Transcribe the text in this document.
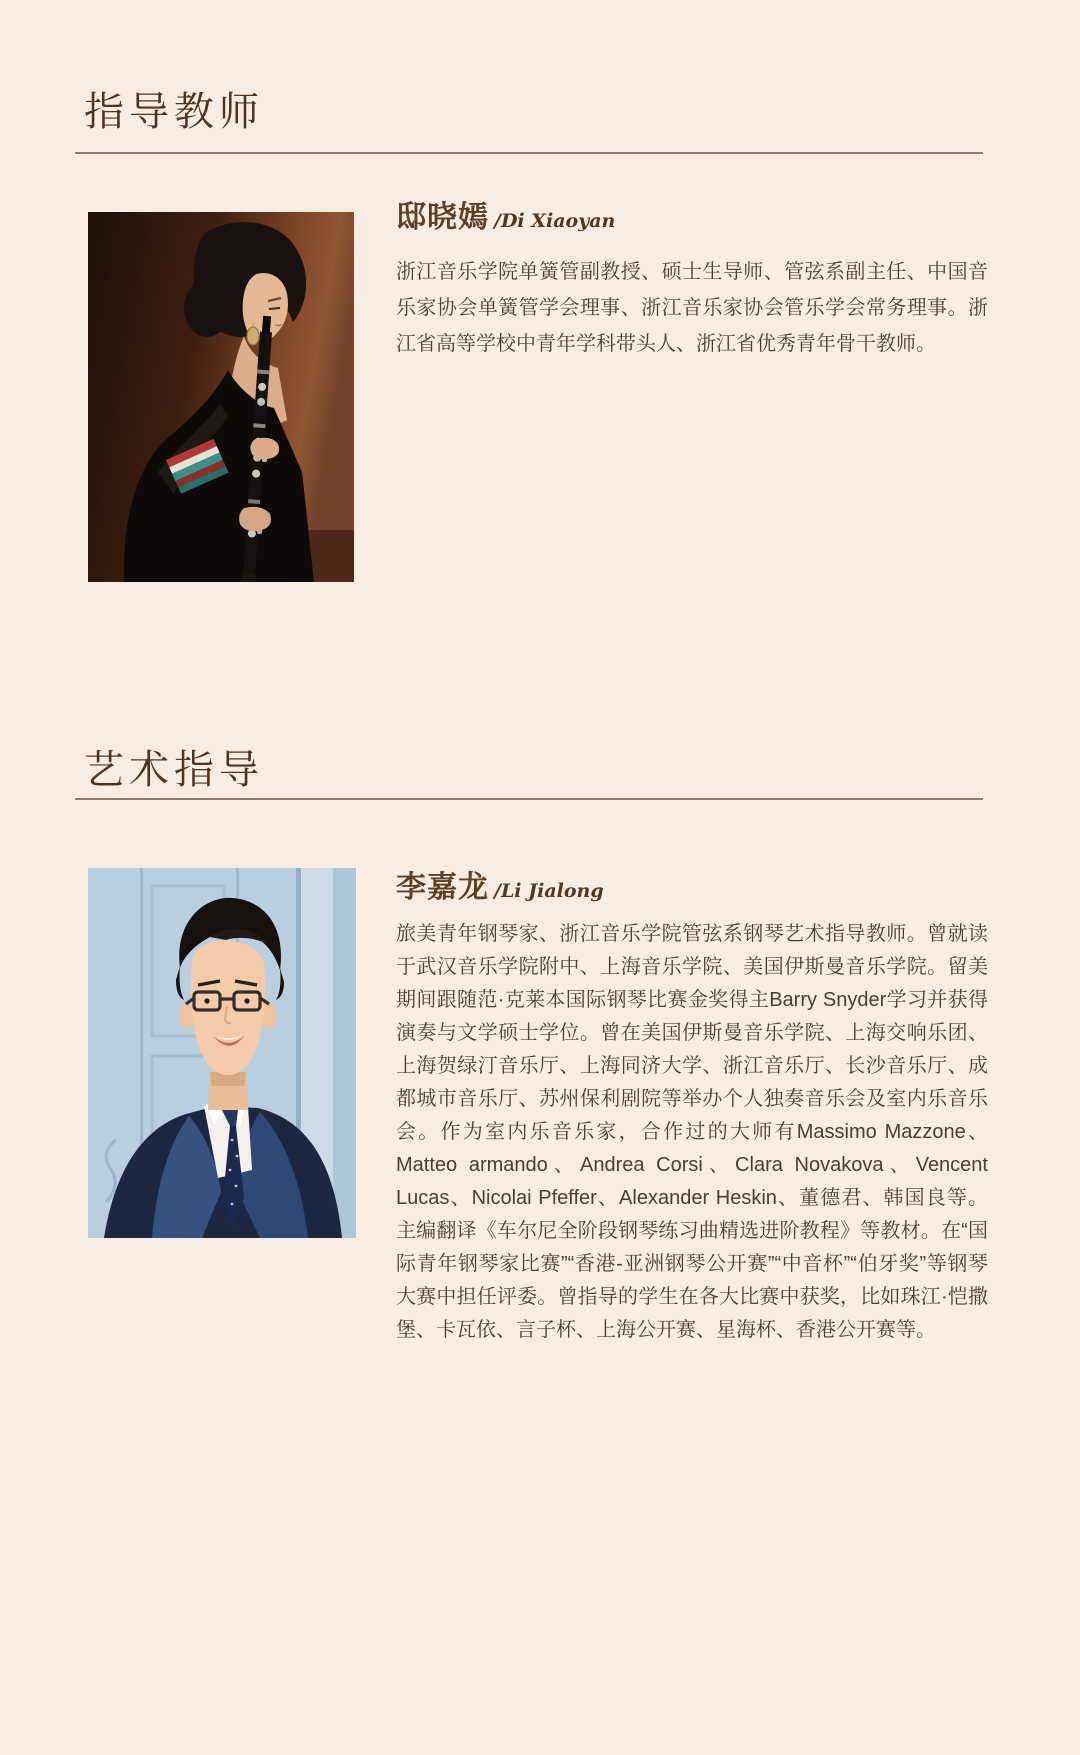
指导教师
邸晓嫣 /Di Xiaoyan

浙江音乐学院单簧管副教授、硕士生导师、管弦系副主任、中国音乐家协会单簧管学会理事、浙江音乐家协会管乐学会常务理事。浙江省高等学校中青年学科带头人、浙江省优秀青年骨干教师。

艺术指导
李嘉龙 /Li Jialong

旅美青年钢琴家、浙江音乐学院管弦系钢琴艺术指导教师。曾就读于武汉音乐学院附中、上海音乐学院、美国伊斯曼音乐学院。留美期间跟随范·克莱本国际钢琴比赛金奖得主Barry Snyder学习并获得演奏与文学硕士学位。曾在美国伊斯曼音乐学院、上海交响乐团、上海贺绿汀音乐厅、上海同济大学、浙江音乐厅、长沙音乐厅、成都城市音乐厅、苏州保利剧院等举办个人独奏音乐会及室内乐音乐会。作为室内乐音乐家，合作过的大师有Massimo Mazzone、Matteo armando、Andrea Corsi、Clara Novakova、Vencent Lucas、Nicolai Pfeffer、Alexander Heskin、董德君、韩国良等。主编翻译《车尔尼全阶段钢琴练习曲精选进阶教程》等教材。在“国际青年钢琴家比赛”“香港-亚洲钢琴公开赛”“中音杯”“伯牙奖”等钢琴大赛中担任评委。曾指导的学生在各大比赛中获奖，比如珠江·恺撒堡、卡瓦依、言子杯、上海公开赛、星海杯、香港公开赛等。
